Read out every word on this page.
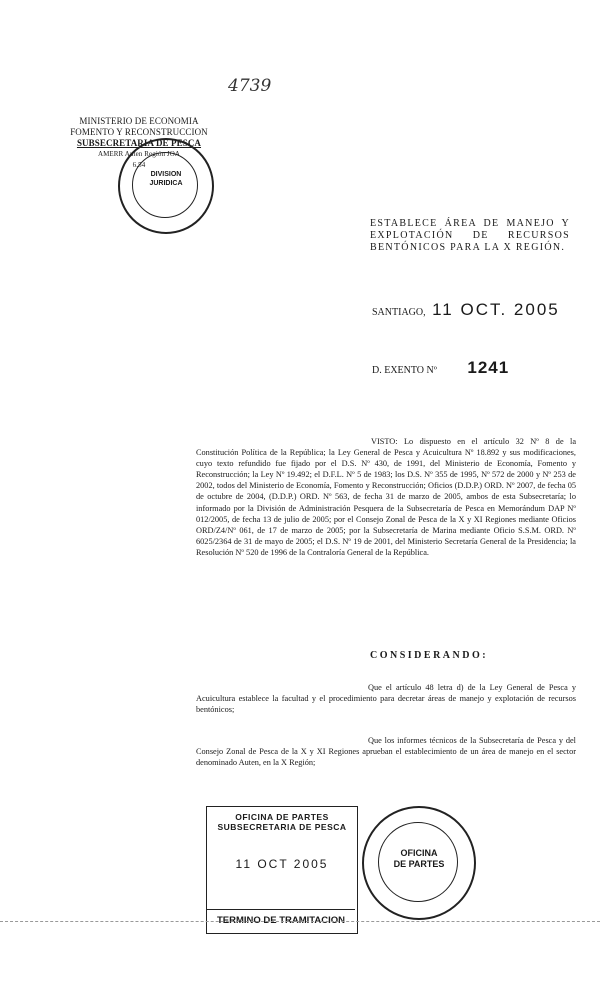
4739
MINISTERIO DE ECONOMIA
FOMENTO Y RECONSTRUCCION
SUBSECRETARIA DE PESCA
AMERR Auten Región JOA
6.54
DIVISION
JURIDICA
ESTABLECE ÁREA DE MANEJO Y EXPLOTACIÓN DE RECURSOS BENTÓNICOS PARA LA X REGIÓN.
SANTIAGO, 11 OCT. 2005
D. EXENTO Nº 1241
VISTO: Lo dispuesto en el artículo 32 Nº 8 de la Constitución Política de la República; la Ley General de Pesca y Acuicultura Nº 18.892 y sus modificaciones, cuyo texto refundido fue fijado por el D.S. Nº 430, de 1991, del Ministerio de Economía, Fomento y Reconstrucción; la Ley Nº 19.492; el D.F.L. Nº 5 de 1983; los D.S. Nº 355 de 1995, Nº 572 de 2000 y Nº 253 de 2002, todos del Ministerio de Economía, Fomento y Reconstrucción; Oficios (D.D.P.) ORD. Nº 2007, de fecha 05 de octubre de 2004, (D.D.P.) ORD. Nº 563, de fecha 31 de marzo de 2005, ambos de esta Subsecretaría; lo informado por la División de Administración Pesquera de la Subsecretaría de Pesca en Memorándum DAP Nº 012/2005, de fecha 13 de julio de 2005; por el Consejo Zonal de Pesca de la X y XI Regiones mediante Oficios ORD/Z4/Nº 061, de 17 de marzo de 2005; por la Subsecretaría de Marina mediante Oficio S.S.M. ORD. Nº 6025/2364 de 31 de mayo de 2005; el D.S. Nº 19 de 2001, del Ministerio Secretaría General de la Presidencia; la Resolución Nº 520 de 1996 de la Contraloría General de la República.
CONSIDERANDO:
Que el artículo 48 letra d) de la Ley General de Pesca y Acuicultura establece la facultad y el procedimiento para decretar áreas de manejo y explotación de recursos bentónicos;
Que los informes técnicos de la Subsecretaría de Pesca y del Consejo Zonal de Pesca de la X y XI Regiones aprueban el establecimiento de un área de manejo en el sector denominado Auten, en la X Región;
OFICINA DE PARTES
SUBSECRETARIA DE PESCA
11 OCT 2005
TERMINO DE TRAMITACION
OFICINA
DE PARTES
